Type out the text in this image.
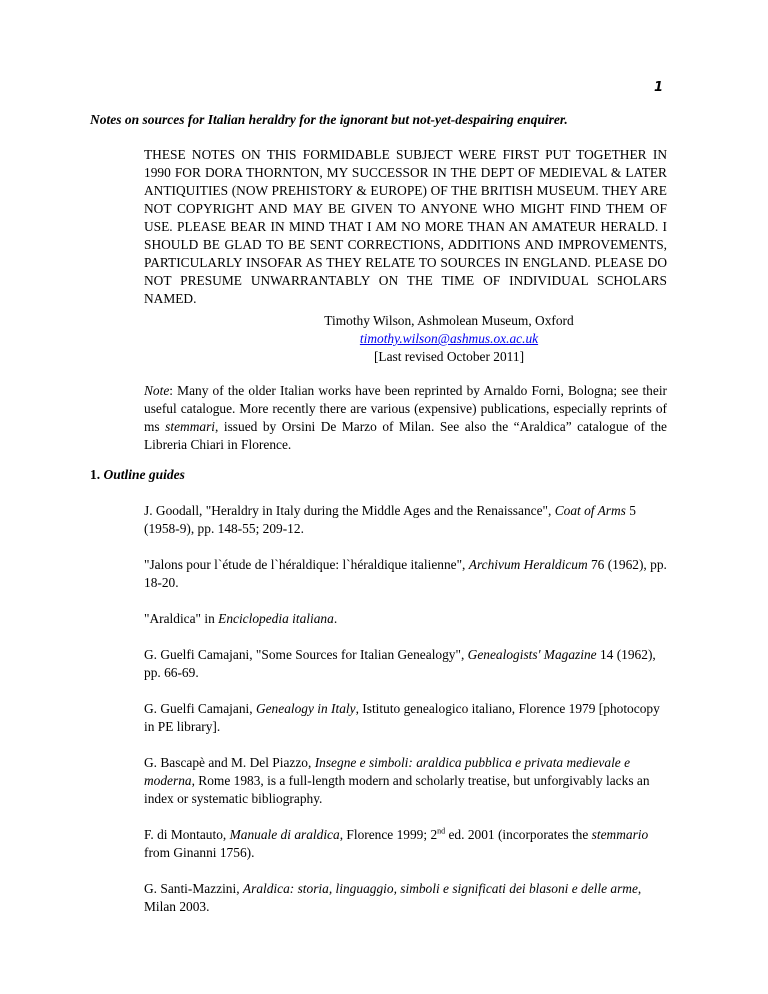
1

Notes on sources for Italian heraldry for the ignorant but not-yet-despairing enquirer.

THESE NOTES ON THIS FORMIDABLE SUBJECT WERE FIRST PUT TOGETHER IN 1990 FOR DORA THORNTON, MY SUCCESSOR IN THE DEPT OF MEDIEVAL & LATER ANTIQUITIES (NOW PREHISTORY & EUROPE) OF THE BRITISH MUSEUM. THEY ARE NOT COPYRIGHT AND MAY BE GIVEN TO ANYONE WHO MIGHT FIND THEM OF USE. PLEASE BEAR IN MIND THAT I AM NO MORE THAN AN AMATEUR HERALD. I SHOULD BE GLAD TO BE SENT CORRECTIONS, ADDITIONS AND IMPROVEMENTS, PARTICULARLY INSOFAR AS THEY RELATE TO SOURCES IN ENGLAND. PLEASE DO NOT PRESUME UNWARRANTABLY ON THE TIME OF INDIVIDUAL SCHOLARS NAMED.

Timothy Wilson, Ashmolean Museum, Oxford
timothy.wilson@ashmus.ox.ac.uk
[Last revised October 2011]

Note: Many of the older Italian works have been reprinted by Arnaldo Forni, Bologna; see their useful catalogue. More recently there are various (expensive) publications, especially reprints of ms stemmari, issued by Orsini De Marzo of Milan. See also the “Araldica” catalogue of the Libreria Chiari in Florence.

1. Outline guides

J. Goodall, "Heraldry in Italy during the Middle Ages and the Renaissance", Coat of Arms 5 (1958-9), pp. 148-55; 209-12.

"Jalons pour l`étude de l`héraldique: l`héraldique italienne", Archivum Heraldicum 76 (1962), pp. 18-20.

"Araldica" in Enciclopedia italiana.

G. Guelfi Camajani, "Some Sources for Italian Genealogy", Genealogists' Magazine 14 (1962), pp. 66-69.

G. Guelfi Camajani, Genealogy in Italy, Istituto genealogico italiano, Florence 1979 [photocopy in PE library].

G. Bascapè and M. Del Piazzo, Insegne e simboli: araldica pubblica e privata medievale e moderna, Rome 1983, is a full-length modern and scholarly treatise, but unforgivably lacks an index or systematic bibliography.

F. di Montauto, Manuale di araldica, Florence 1999; 2nd ed. 2001 (incorporates the stemmario from Ginanni 1756).

G. Santi-Mazzini, Araldica: storia, linguaggio, simboli e significati dei blasoni e delle arme, Milan 2003.
